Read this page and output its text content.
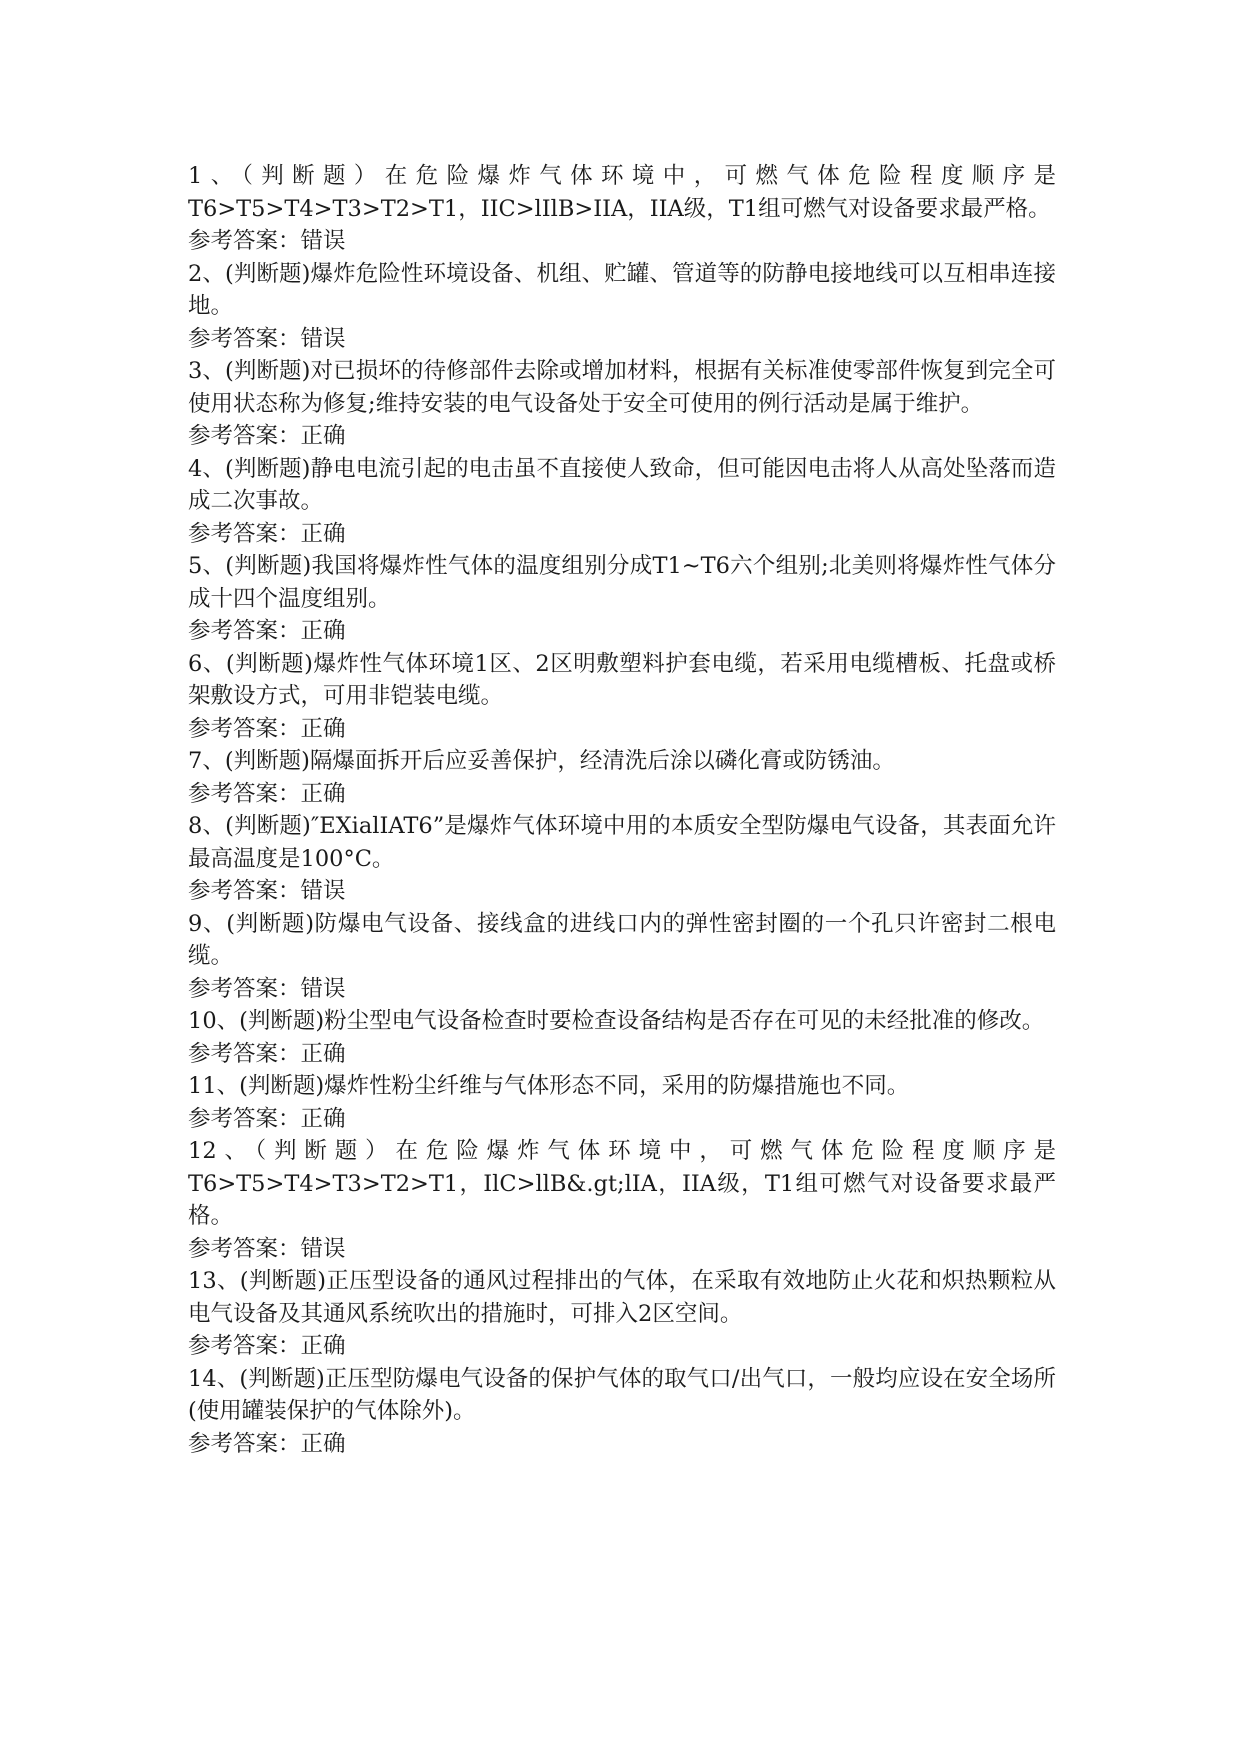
1、（判断题）在危险爆炸气体环境中，可燃气体危险程度顺序是T6>T5>T4>T3>T2>T1，IIC>lIlB>IIA，IIA级，T1组可燃气对设备要求最严格。

参考答案：错误

2、(判断题)爆炸危险性环境设备、机组、贮罐、管道等的防静电接地线可以互相串连接地。

参考答案：错误

3、(判断题)对已损坏的待修部件去除或增加材料，根据有关标准使零部件恢复到完全可使用状态称为修复;维持安装的电气设备处于安全可使用的例行活动是属于维护。

参考答案：正确

4、(判断题)静电电流引起的电击虽不直接使人致命，但可能因电击将人从高处坠落而造成二次事故。

参考答案：正确

5、(判断题)我国将爆炸性气体的温度组别分成T1~T6六个组别;北美则将爆炸性气体分成十四个温度组别。

参考答案：正确

6、(判断题)爆炸性气体环境1区、2区明敷塑料护套电缆，若采用电缆槽板、托盘或桥架敷设方式，可用非铠装电缆。

参考答案：正确

7、(判断题)隔爆面拆开后应妥善保护，经清洗后涂以磷化膏或防锈油。

参考答案：正确

8、(判断题)″EXialIAT6”是爆炸气体环境中用的本质安全型防爆电气设备，其表面允许最高温度是100°C。

参考答案：错误

9、(判断题)防爆电气设备、接线盒的进线口内的弹性密封圈的一个孔只许密封二根电缆。

参考答案：错误

10、(判断题)粉尘型电气设备检查时要检查设备结构是否存在可见的未经批准的修改。

参考答案：正确

11、(判断题)爆炸性粉尘纤维与气体形态不同，采用的防爆措施也不同。

参考答案：正确

12、（判断题）在危险爆炸气体环境中，可燃气体危险程度顺序是T6>T5>T4>T3>T2>T1，IlC>llB&.gt;lIA，IIA级，T1组可燃气对设备要求最严格。

参考答案：错误

13、(判断题)正压型设备的通风过程排出的气体，在采取有效地防止火花和炽热颗粒从电气设备及其通风系统吹出的措施时，可排入2区空间。

参考答案：正确

14、(判断题)正压型防爆电气设备的保护气体的取气口/出气口，一般均应设在安全场所(使用罐装保护的气体除外)。

参考答案：正确
